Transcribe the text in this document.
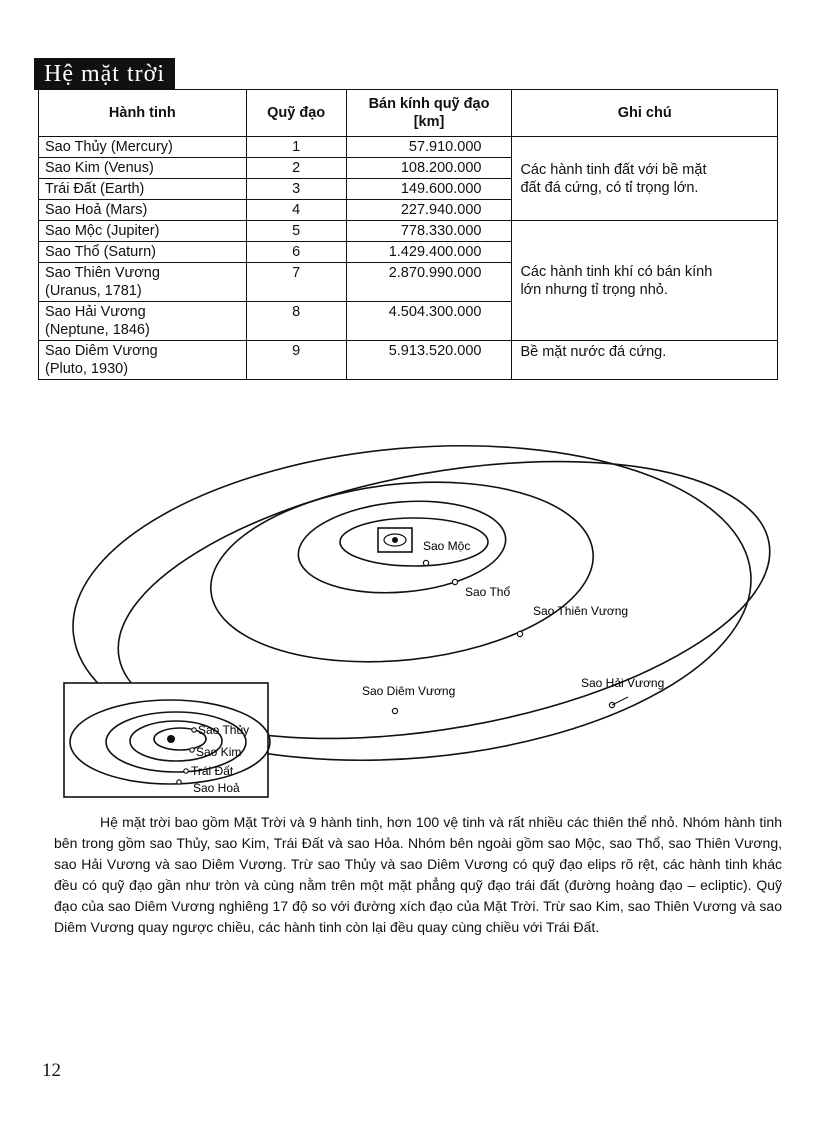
Hệ mặt trời
Hành tinh	Quỹ đạo	Bán kính quỹ đạo
[km]	Ghi chú
Sao Thủy (Mercury)	1	57.910.000	Các hành tinh đất với bề mặt
đất đá cứng, có tỉ trọng lớn.

Sao Kim (Venus)	2	108.200.000	
Trái Đất (Earth)	3	149.600.000	
Sao Hoả (Mars)	4	227.940.000	
Sao Mộc (Jupiter)	5	778.330.000	Các hành tinh khí có bán kính
lớn nhưng tỉ trọng nhỏ.

Sao Thổ (Saturn)	6	1.429.400.000	
Sao Thiên Vương
(Uranus, 1781)	7	2.870.990.000	
Sao Hải Vương
(Neptune, 1846)	8	4.504.300.000	
Sao Diêm Vương
(Pluto, 1930)	9	5.913.520.000	Bề mặt nước đá cứng.
Sao Mộc
Sao Thổ
Sao Thiên Vương
Sao Hải Vương
Sao Diêm Vương
Sao Thủy
Sao Kim
Trái Đất
Sao Hoả

Hệ mặt trời bao gồm Mặt Trời và 9 hành tinh, hơn 100 vệ tinh và rất nhiều các thiên thể nhỏ. Nhóm hành tinh bên trong gồm sao Thủy, sao Kim, Trái Đất và sao Hỏa. Nhóm bên ngoài gồm sao Mộc, sao Thổ, sao Thiên Vương, sao Hải Vương và sao Diêm Vương. Trừ sao Thủy và sao Diêm Vương có quỹ đạo elips rõ rệt, các hành tinh khác đều có quỹ đạo gần như tròn và cùng nằm trên một mặt phẳng quỹ đạo trái đất (đường hoàng đạo – ecliptic). Quỹ đạo của sao Diêm Vương nghiêng 17 độ so với đường xích đạo của Mặt Trời. Trừ sao Kim, sao Thiên Vương và sao Diêm Vương quay ngược chiều, các hành tinh còn lại đều quay cùng chiều với Trái Đất.

12
